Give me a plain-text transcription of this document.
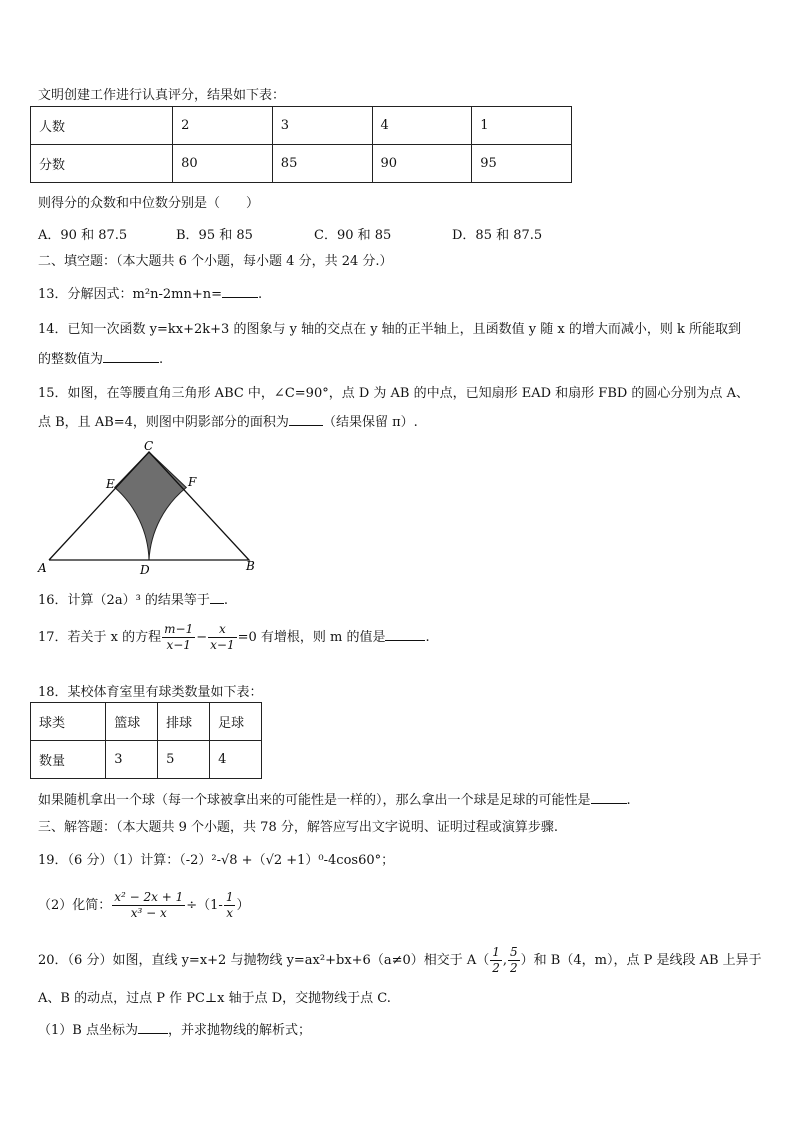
文明创建工作进行认真评分，结果如下表：
人数	2	3	4	1
分数	80	85	90	95
则得分的众数和中位数分别是（　　）
A．90 和 87.5	B．95 和 85	C．90 和 85	D．85 和 87.5
二、填空题：（本大题共 6 个小题，每小题 4 分，共 24 分.）
13．分解因式：m²n-2mn+n=	.
14．已知一次函数 y=kx+2k+3 的图象与 y 轴的交点在 y 轴的正半轴上，且函数值 y 随 x 的增大而减小，则 k 所能取到
的整数值为	.
15．如图，在等腰直角三角形 ABC 中，∠C=90°，点 D 为 AB 的中点，已知扇形 EAD 和扇形 FBD 的圆心分别为点 A、
点 B，且 AB=4，则图中阴影部分的面积为	（结果保留 π）.
A	B
C
D
E	F
16．计算（2a）³ 的结果等于 .
17．若关于 x 的方程 $\frac{m-1}{x-1} - \frac{x}{x-1} =0$ 有增根，则 m 的值是	.
18．某校体育室里有球类数量如下表：
球类	篮球	排球	足球
数量	3	5	4
如果随机拿出一个球（每一个球被拿出来的可能性是一样的），那么拿出一个球是足球的可能性是	.
三、解答题：（本大题共 9 个小题，共 78 分，解答应写出文字说明、证明过程或演算步骤.
19．（6 分）（1）计算：（-2）²-√8 +（√2 +1）⁰-4cos60°；
（2）化简： $\frac{\text{x² − 2x + 1}}{\text{x³ − x}} \div(1- \frac{1}{x}$ ）
20．（6 分）如图，直线 y=x+2 与抛物线 y=ax²+bx+6（a≠0）相交于 $A( \frac{1}{2}$ , $\frac{5}{2}$ ）和 B（4，m），点 P 是线段 AB 上异于
A、B 的动点，过点 P 作 PC⊥x 轴于点 D，交抛物线于点 C.
（1）B 点坐标为 ，并求抛物线的解析式；
